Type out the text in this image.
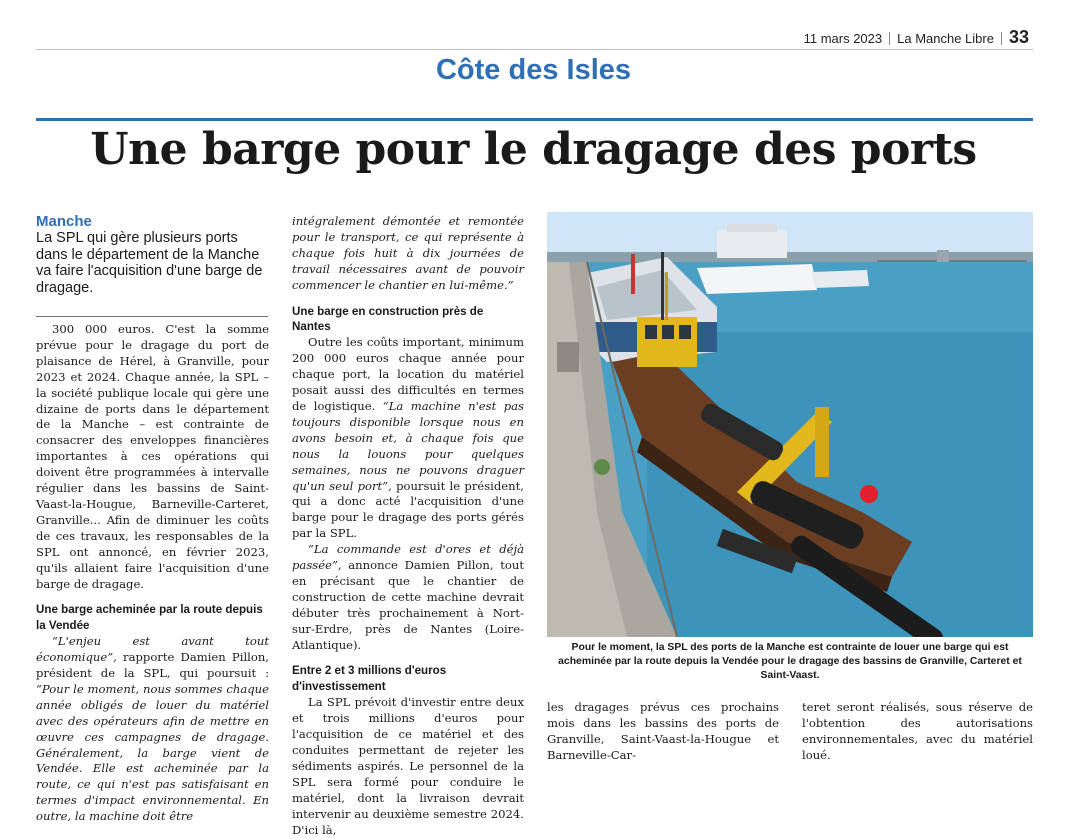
11 mars 2023 La Manche Libre 33
Côte des Isles
Une barge pour le dragage des ports
Manche
La SPL qui gère plusieurs ports dans le département de la Manche va faire l'acquisition d'une barge de dragage.

300 000 euros. C'est la somme prévue pour le dragage du port de plaisance de Hérel, à Granville, pour 2023 et 2024. Chaque année, la SPL – la société publique locale qui gère une dizaine de ports dans le département de la Manche – est contrainte de consacrer des enveloppes financières importantes à ces opérations qui doivent être programmées à intervalle régulier dans les bassins de Saint-Vaast-la-Hougue, Barneville-Carteret, Granville... Afin de diminuer les coûts de ces travaux, les responsables de la SPL ont annoncé, en février 2023, qu'ils allaient faire l'acquisition d'une barge de dragage.

Une barge acheminée par la route depuis la Vendée

“L'enjeu est avant tout économique”, rapporte Damien Pillon, président de la SPL, qui poursuit : “Pour le moment, nous sommes chaque année obligés de louer du matériel avec des opérateurs afin de mettre en œuvre ces campagnes de dragage. Généralement, la barge vient de Vendée. Elle est acheminée par la route, ce qui n'est pas satisfaisant en termes d'impact environnemental. En outre, la machine doit être

intégralement démontée et remontée pour le transport, ce qui représente à chaque fois huit à dix journées de travail nécessaires avant de pouvoir commencer le chantier en lui-même.”

Une barge en construction près de Nantes

Outre les coûts important, minimum 200 000 euros chaque année pour chaque port, la location du matériel posait aussi des difficultés en termes de logistique. “La machine n'est pas toujours disponible lorsque nous en avons besoin et, à chaque fois que nous la louons pour quelques semaines, nous ne pouvons draguer qu'un seul port”, poursuit le président, qui a donc acté l'acquisition d'une barge pour le dragage des ports gérés par la SPL.

“La commande est d'ores et déjà passée”, annonce Damien Pillon, tout en précisant que le chantier de construction de cette machine devrait débuter très prochainement à Nort-sur-Erdre, près de Nantes (Loire-Atlantique).

Entre 2 et 3 millions d'euros d'investissement

La SPL prévoit d'investir entre deux et trois millions d'euros pour l'acquisition de ce matériel et des conduites permettant de rejeter les sédiments aspirés. Le personnel de la SPL sera formé pour conduire le matériel, dont la livraison devrait intervenir au deuxième semestre 2024. D'ici là,

Pour le moment, la SPL des ports de la Manche est contrainte de louer une barge qui est acheminée par la route depuis la Vendée pour le dragage des bassins de Granville, Carteret et Saint-Vaast.
les dragages prévus ces prochains mois dans les bassins des ports de Granville, Saint-Vaast-la-Hougue et Barneville-Car-
teret seront réalisés, sous réserve de l'obtention des autorisations environnementales, avec du matériel loué.
